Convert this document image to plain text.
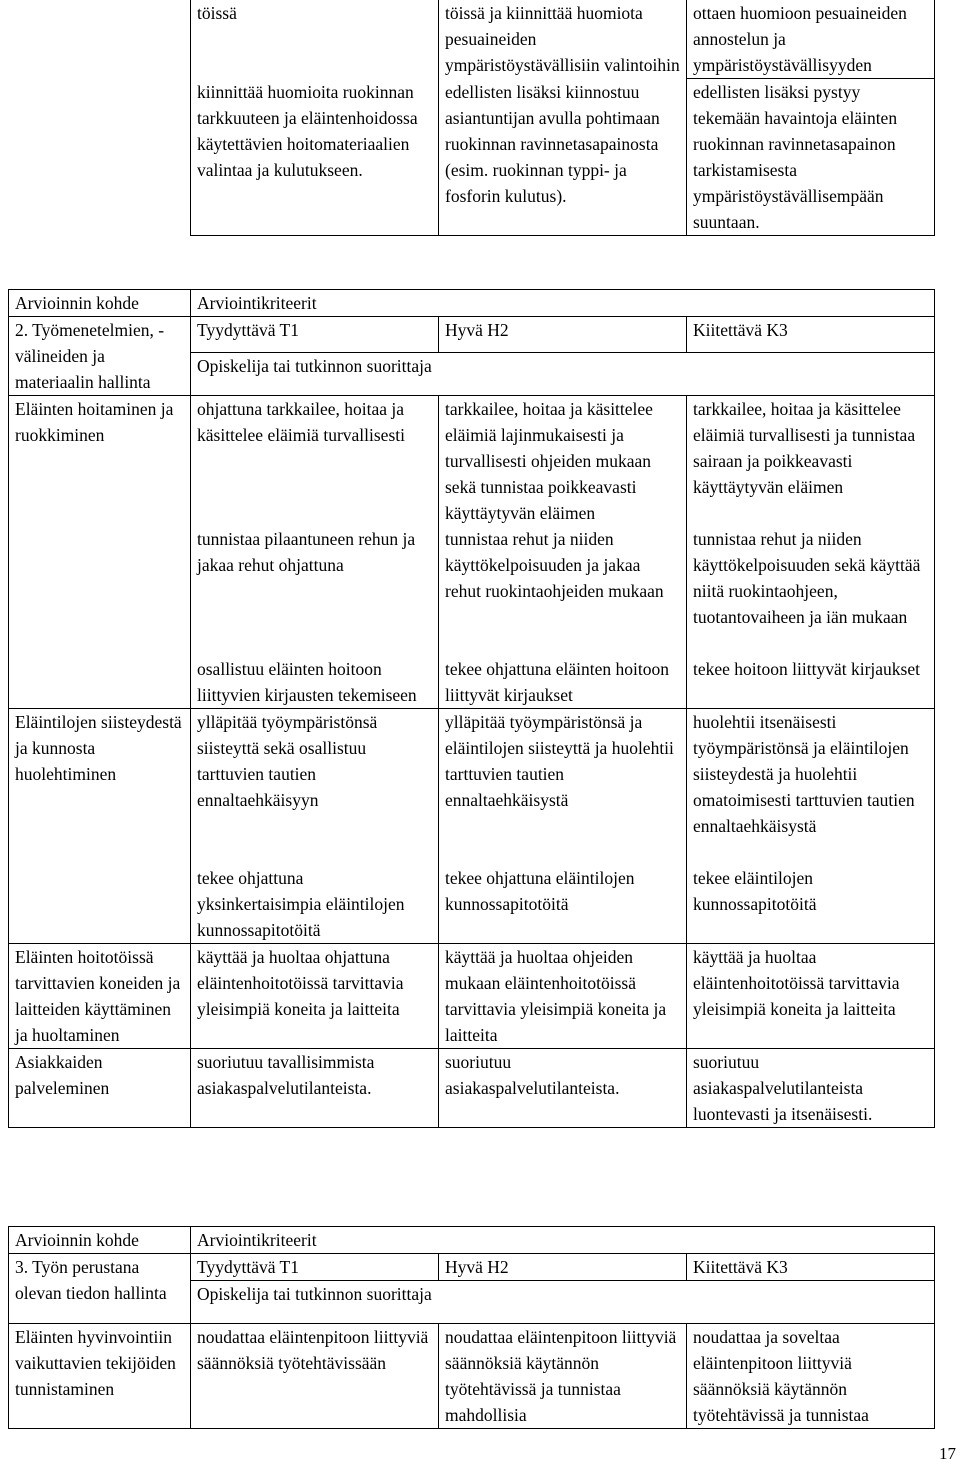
töissä	töissä ja kiinnittää huomiota pesuaineiden ympäristöystävällisiin valintoihin	ottaen huomioon pesuaineiden annostelun ja ympäristöystävällisyyden
kiinnittää huomioita ruokinnan tarkkuuteen ja eläintenhoidossa käytettävien hoitomateriaalien valintaa ja kulutukseen.	edellisten lisäksi kiinnostuu asiantuntijan avulla pohtimaan ruokinnan ravinnetasapainosta (esim. ruokinnan typpi- ja fosforin kulutus).	edellisten lisäksi pystyy tekemään havaintoja eläinten ruokinnan ravinnetasapainon tarkistamisesta ympäristöystävällisempään suuntaan.
Arvioinnin kohde	Arviointikriteerit		
2. Työmenetelmien, -välineiden ja materiaalin hallinta	Tyydyttävä T1	Hyvä H2	Kiitettävä K3
	Opiskelija tai tutkinnon suorittaja		
Eläinten hoitaminen ja ruokkiminen	ohjattuna tarkkailee, hoitaa ja käsittelee eläimiä turvallisesti	tarkkailee, hoitaa ja käsittelee eläimiä lajinmukaisesti ja turvallisesti ohjeiden mukaan sekä tunnistaa poikkeavasti käyttäytyvän eläimen	tarkkailee, hoitaa ja käsittelee eläimiä turvallisesti ja tunnistaa sairaan ja poikkeavasti käyttäytyvän eläimen
	tunnistaa pilaantuneen rehun ja jakaa rehut ohjattuna	tunnistaa rehut ja niiden käyttökelpoisuuden ja jakaa rehut ruokintaohjeiden mukaan	tunnistaa rehut ja niiden käyttökelpoisuuden sekä käyttää niitä ruokintaohjeen, tuotantovaiheen ja iän mukaan
	osallistuu eläinten hoitoon liittyvien kirjausten tekemiseen	tekee ohjattuna eläinten hoitoon liittyvät kirjaukset	tekee hoitoon liittyvät kirjaukset
Eläintilojen siisteydestä ja kunnosta huolehtiminen	ylläpitää työympäristönsä siisteyttä sekä osallistuu tarttuvien tautien ennaltaehkäisyyn	ylläpitää työympäristönsä ja eläintilojen siisteyttä ja huolehtii tarttuvien tautien ennaltaehkäisystä	huolehtii itsenäisesti työympäristönsä ja eläintilojen siisteydestä ja huolehtii omatoimisesti tarttuvien tautien ennaltaehkäisystä
	tekee ohjattuna yksinkertaisimpia eläintilojen kunnossapitotöitä	tekee ohjattuna eläintilojen kunnossapitotöitä	tekee eläintilojen kunnossapitotöitä
Eläinten hoitotöissä tarvittavien koneiden ja laitteiden käyttäminen ja huoltaminen	käyttää ja huoltaa ohjattuna eläintenhoitotöissä tarvittavia yleisimpiä koneita ja laitteita	käyttää ja huoltaa ohjeiden mukaan eläintenhoitotöissä tarvittavia yleisimpiä koneita ja laitteita	käyttää ja huoltaa eläintenhoitotöissä tarvittavia yleisimpiä koneita ja laitteita
Asiakkaiden palveleminen	suoriutuu tavallisimmista asiakaspalvelutilanteista.	suoriutuu asiakaspalvelutilanteista.	suoriutuu asiakaspalvelutilanteista luontevasti ja itsenäisesti.
Arvioinnin kohde	Arviointikriteerit		
3. Työn perustana olevan tiedon hallinta	Tyydyttävä T1	Hyvä H2	Kiitettävä K3
	Opiskelija tai tutkinnon suorittaja		
Eläinten hyvinvointiin vaikuttavien tekijöiden tunnistaminen	noudattaa eläintenpitoon liittyviä säännöksiä työtehtävissään	noudattaa eläintenpitoon liittyviä säännöksiä käytännön työtehtävissä ja tunnistaa mahdollisia	noudattaa ja soveltaa eläintenpitoon liittyviä säännöksiä käytännön työtehtävissä ja tunnistaa
17
